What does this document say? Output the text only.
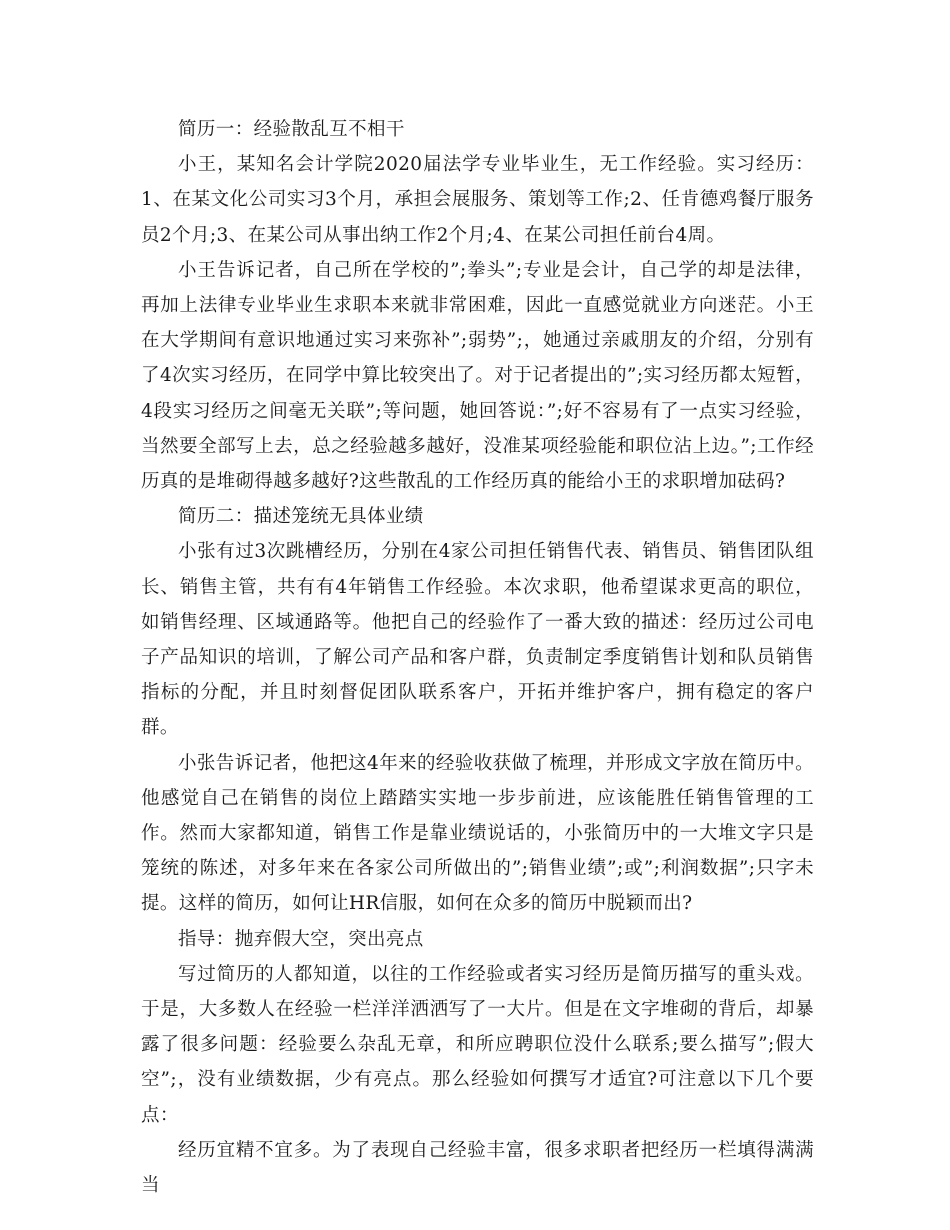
简历一：经验散乱互不相干

小王，某知名会计学院2020届法学专业毕业生，无工作经验。实习经历：1、在某文化公司实习3个月，承担会展服务、策划等工作;2、任肯德鸡餐厅服务员2个月;3、在某公司从事出纳工作2个月;4、在某公司担任前台4周。

小王告诉记者，自己所在学校的”;拳头”;专业是会计，自己学的却是法律，再加上法律专业毕业生求职本来就非常困难，因此一直感觉就业方向迷茫。小王在大学期间有意识地通过实习来弥补”;弱势”;，她通过亲戚朋友的介绍，分别有了4次实习经历，在同学中算比较突出了。对于记者提出的”;实习经历都太短暂，4段实习经历之间毫无关联”;等问题，她回答说：”;好不容易有了一点实习经验，当然要全部写上去，总之经验越多越好，没准某项经验能和职位沾上边。”;工作经历真的是堆砌得越多越好?这些散乱的工作经历真的能给小王的求职增加砝码?

简历二：描述笼统无具体业绩

小张有过3次跳槽经历，分别在4家公司担任销售代表、销售员、销售团队组长、销售主管，共有有4年销售工作经验。本次求职，他希望谋求更高的职位，如销售经理、区域通路等。他把自己的经验作了一番大致的描述：经历过公司电子产品知识的培训，了解公司产品和客户群，负责制定季度销售计划和队员销售指标的分配，并且时刻督促团队联系客户，开拓并维护客户，拥有稳定的客户群。

小张告诉记者，他把这4年来的经验收获做了梳理，并形成文字放在简历中。他感觉自己在销售的岗位上踏踏实实地一步步前进，应该能胜任销售管理的工作。然而大家都知道，销售工作是靠业绩说话的，小张简历中的一大堆文字只是笼统的陈述，对多年来在各家公司所做出的”;销售业绩”;或”;利润数据”;只字未提。这样的简历，如何让HR信服，如何在众多的简历中脱颖而出?

指导：抛弃假大空，突出亮点

写过简历的人都知道，以往的工作经验或者实习经历是简历描写的重头戏。于是，大多数人在经验一栏洋洋洒洒写了一大片。但是在文字堆砌的背后，却暴露了很多问题：经验要么杂乱无章，和所应聘职位没什么联系;要么描写”;假大空”;，没有业绩数据，少有亮点。那么经验如何撰写才适宜?可注意以下几个要点：

经历宜精不宜多。为了表现自己经验丰富，很多求职者把经历一栏填得满满当
